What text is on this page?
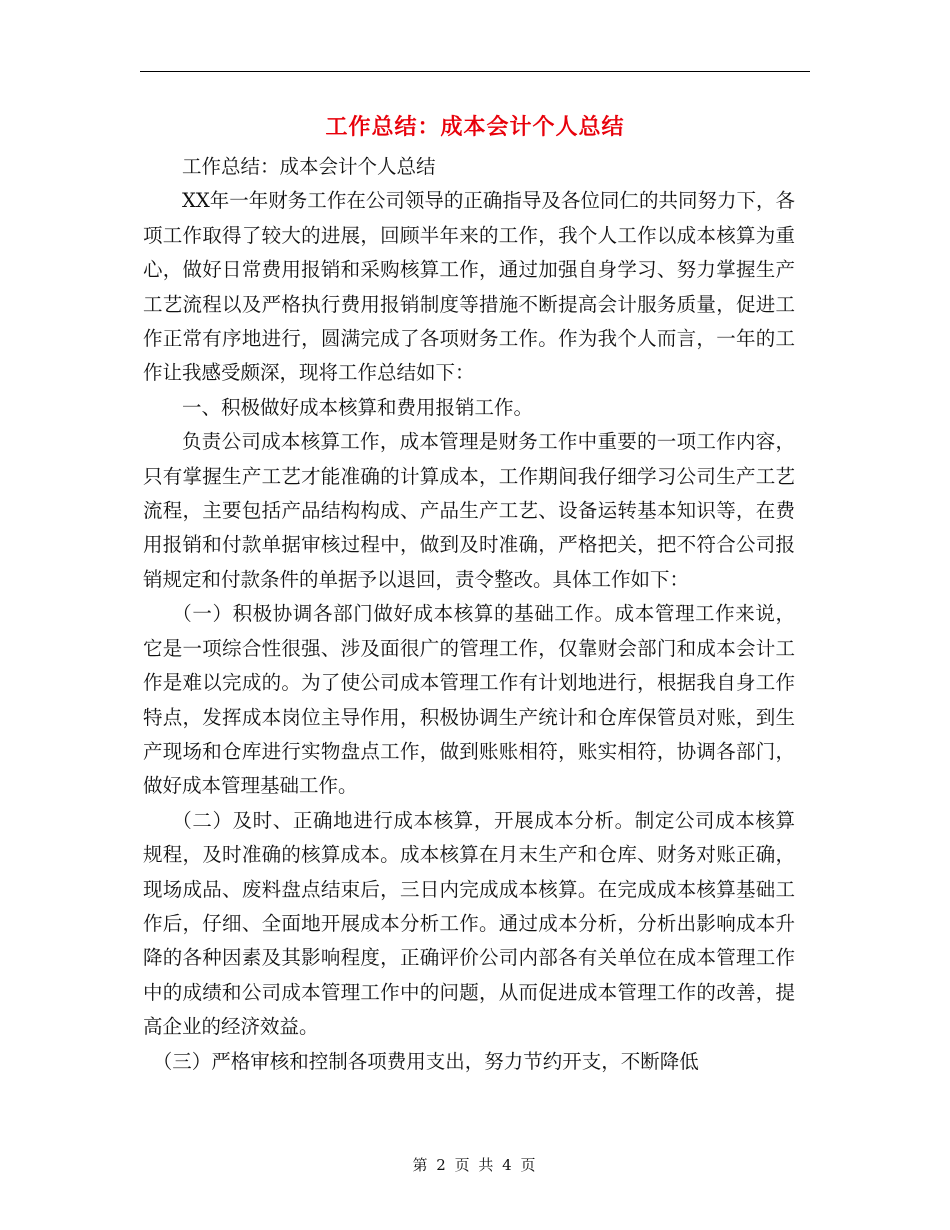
工作总结：成本会计个人总结

工作总结：成本会计个人总结

XX年一年财务工作在公司领导的正确指导及各位同仁的共同努力下，各项工作取得了较大的进展，回顾半年来的工作，我个人工作以成本核算为重心，做好日常费用报销和采购核算工作，通过加强自身学习、努力掌握生产工艺流程以及严格执行费用报销制度等措施不断提高会计服务质量，促进工作正常有序地进行，圆满完成了各项财务工作。作为我个人而言，一年的工作让我感受颇深，现将工作总结如下：

一、积极做好成本核算和费用报销工作。

负责公司成本核算工作，成本管理是财务工作中重要的一项工作内容，只有掌握生产工艺才能准确的计算成本，工作期间我仔细学习公司生产工艺流程，主要包括产品结构构成、产品生产工艺、设备运转基本知识等，在费用报销和付款单据审核过程中，做到及时准确，严格把关，把不符合公司报销规定和付款条件的单据予以退回，责令整改。具体工作如下：

（一）积极协调各部门做好成本核算的基础工作。成本管理工作来说，它是一项综合性很强、涉及面很广的管理工作，仅靠财会部门和成本会计工作是难以完成的。为了使公司成本管理工作有计划地进行，根据我自身工作特点，发挥成本岗位主导作用，积极协调生产统计和仓库保管员对账，到生产现场和仓库进行实物盘点工作，做到账账相符，账实相符，协调各部门，做好成本管理基础工作。

（二）及时、正确地进行成本核算，开展成本分析。制定公司成本核算规程，及时准确的核算成本。成本核算在月末生产和仓库、财务对账正确，现场成品、废料盘点结束后，三日内完成成本核算。在完成成本核算基础工作后，仔细、全面地开展成本分析工作。通过成本分析，分析出影响成本升降的各种因素及其影响程度，正确评价公司内部各有关单位在成本管理工作中的成绩和公司成本管理工作中的问题，从而促进成本管理工作的改善，提高企业的经济效益。

（三）严格审核和控制各项费用支出，努力节约开支，不断降低

第 2 页 共 4 页
